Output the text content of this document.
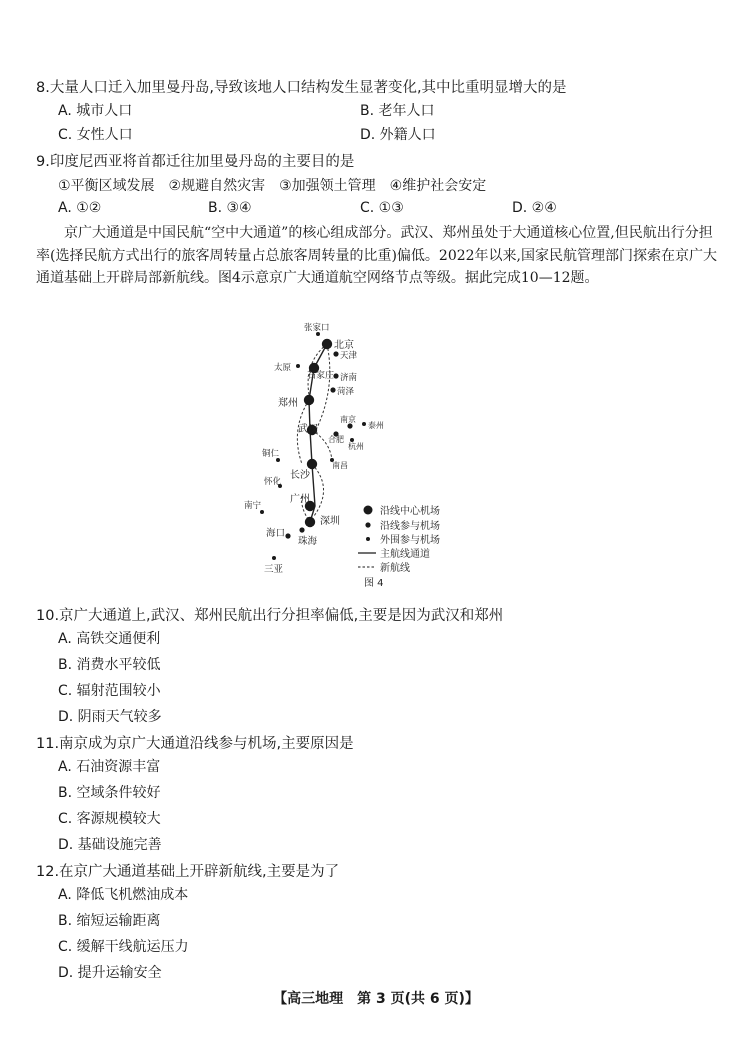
8.大量人口迁入加里曼丹岛,导致该地人口结构发生显著变化,其中比重明显增大的是
A. 城市人口	B. 老年人口
C. 女性人口	D. 外籍人口
9.印度尼西亚将首都迁往加里曼丹岛的主要目的是
①平衡区域发展　②规避自然灾害　③加强领土管理　④维护社会安定
A. ①②	B. ③④	C. ①③	D. ②④
京广大通道是中国民航“空中大通道”的核心组成部分。武汉、郑州虽处于大通道核心位置,但民航出行分担率(选择民航方式出行的旅客周转量占总旅客周转量的比重)偏低。2022年以来,国家民航管理部门探索在京广大通道基础上开辟局部新航线。图4示意京广大通道航空网络节点等级。据此完成10—12题。
张家口
北京
天津
太原
石家庄 济南
菏泽
郑州
南京
泰州
武汉
合肥
杭州
铜仁
南昌
长沙
怀化
南宁
广州
深圳
海口
珠海
三亚
沿线中心机场
沿线参与机场
外围参与机场
主航线通道
新航线
图 4
10.京广大通道上,武汉、郑州民航出行分担率偏低,主要是因为武汉和郑州
A. 高铁交通便利
B. 消费水平较低
C. 辐射范围较小
D. 阴雨天气较多
11.南京成为京广大通道沿线参与机场,主要原因是
A. 石油资源丰富
B. 空域条件较好
C. 客源规模较大
D. 基础设施完善
12.在京广大通道基础上开辟新航线,主要是为了
A. 降低飞机燃油成本
B. 缩短运输距离
C. 缓解干线航运压力
D. 提升运输安全
【高三地理　第 3 页(共 6 页)】
